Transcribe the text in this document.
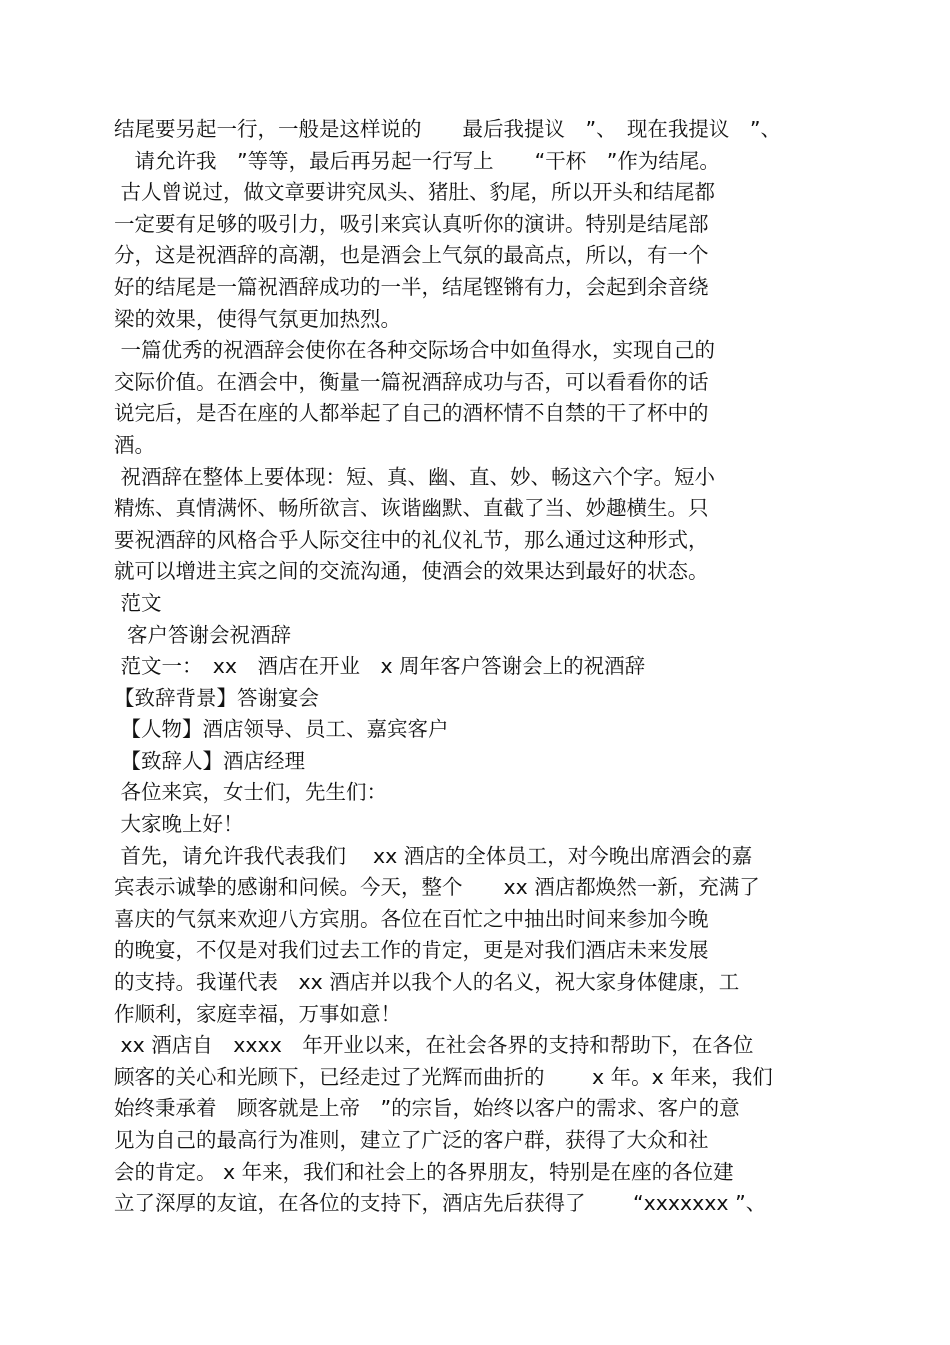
结尾要另起一行，一般是这样说的　　最后我提议　”、　现在我提议　”、
　请允许我　”等等，最后再另起一行写上　　“干杯　”作为结尾。
古人曾说过，做文章要讲究凤头、猪肚、豹尾，所以开头和结尾都
一定要有足够的吸引力，吸引来宾认真听你的演讲。特别是结尾部
分，这是祝酒辞的高潮，也是酒会上气氛的最高点，所以，有一个
好的结尾是一篇祝酒辞成功的一半，结尾铿锵有力，会起到余音绕
梁的效果，使得气氛更加热烈。
一篇优秀的祝酒辞会使你在各种交际场合中如鱼得水，实现自己的
交际价值。在酒会中，衡量一篇祝酒辞成功与否，可以看看你的话
说完后，是否在座的人都举起了自己的酒杯情不自禁的干了杯中的
酒。
祝酒辞在整体上要体现：短、真、幽、直、妙、畅这六个字。短小
精炼、真情满怀、畅所欲言、诙谐幽默、直截了当、妙趣横生。只
要祝酒辞的风格合乎人际交往中的礼仪礼节，那么通过这种形式，
就可以增进主宾之间的交流沟通，使酒会的效果达到最好的状态。
范文
客户答谢会祝酒辞
范文一：　xx　酒店在开业　x 周年客户答谢会上的祝酒辞
【致辞背景】答谢宴会
【人物】酒店领导、员工、嘉宾客户
【致辞人】酒店经理
各位来宾，女士们，先生们：
大家晚上好！
首先，请允许我代表我们　 xx 酒店的全体员工，对今晚出席酒会的嘉
宾表示诚挚的感谢和问候。今天，整个　　xx 酒店都焕然一新，充满了
喜庆的气氛来欢迎八方宾朋。各位在百忙之中抽出时间来参加今晚
的晚宴，不仅是对我们过去工作的肯定，更是对我们酒店未来发展
的支持。我谨代表　xx 酒店并以我个人的名义，祝大家身体健康，工
作顺利，家庭幸福，万事如意！
xx 酒店自　xxxx　年开业以来，在社会各界的支持和帮助下，在各位
顾客的关心和光顾下，已经走过了光辉而曲折的　　 x 年。x 年来，我们
始终秉承着　顾客就是上帝　”的宗旨，始终以客户的需求、客户的意
见为自己的最高行为准则，建立了广泛的客户群，获得了大众和社
会的肯定。 x 年来，我们和社会上的各界朋友，特别是在座的各位建
立了深厚的友谊，在各位的支持下，酒店先后获得了　　 “xxxxxxx ”、
